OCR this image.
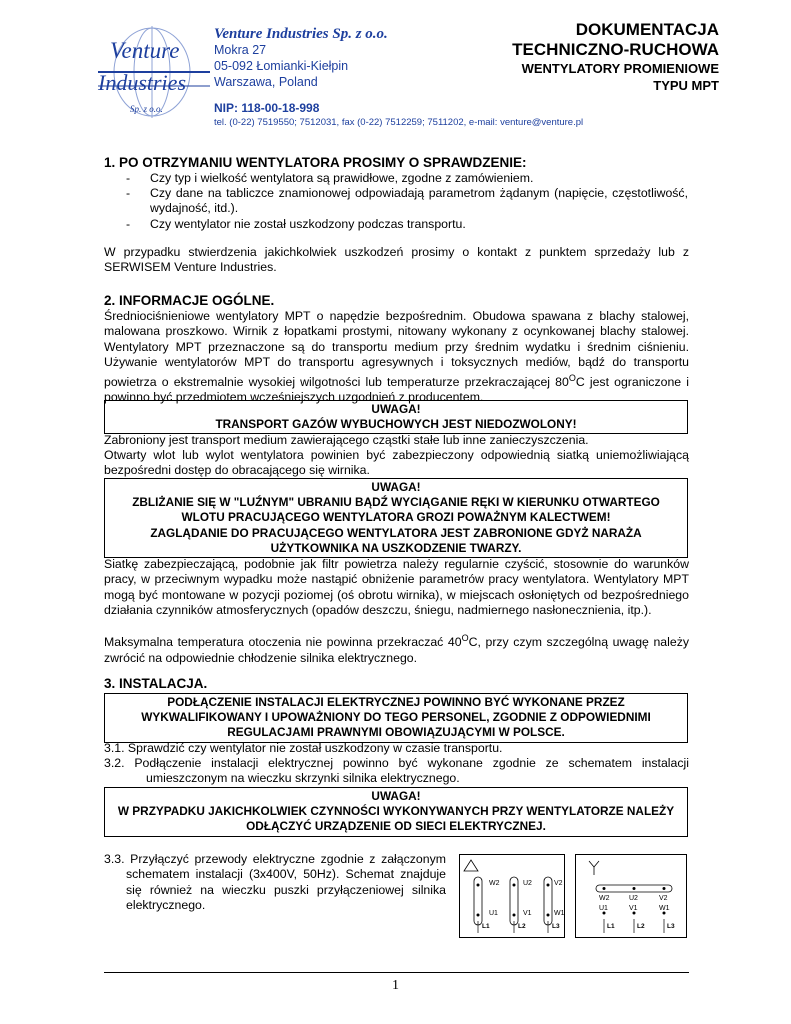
Venture
Industries
Sp. z o.o.
Venture Industries Sp. z o.o.
Mokra 27
05-092 Łomianki-Kiełpin
Warszawa, Poland
NIP: 118-00-18-998
tel. (0-22) 7519550; 7512031, fax (0-22) 7512259; 7511202, e-mail: venture@venture.pl
DOKUMENTACJA
TECHNICZNO-RUCHOWA
WENTYLATORY PROMIENIOWE
TYPU MPT
1. PO OTRZYMANIU WENTYLATORA PROSIMY O SPRAWDZENIE:
- Czy typ i wielkość wentylatora są prawidłowe, zgodne z zamówieniem.
- Czy dane na tabliczce znamionowej odpowiadają parametrom żądanym (napięcie, częstotliwość, wydajność, itd.).
- Czy wentylator nie został uszkodzony podczas transportu.
W przypadku stwierdzenia jakichkolwiek uszkodzeń prosimy o kontakt z punktem sprzedaży lub z SERWISEM Venture Industries.
2. INFORMACJE OGÓLNE.
Średniociśnieniowe wentylatory MPT o napędzie bezpośrednim. Obudowa spawana z blachy stalowej, malowana proszkowo. Wirnik z łopatkami prostymi, nitowany wykonany z ocynkowanej blachy stalowej. Wentylatory MPT przeznaczone są do transportu medium przy średnim wydatku i średnim ciśnieniu. Używanie wentylatorów MPT do transportu agresywnych i toksycznych mediów, bądź do transportu powietrza o ekstremalnie wysokiej wilgotności lub temperaturze przekraczającej $80^OC$ jest ograniczone i powinno być przedmiotem wcześniejszych uzgodnień z producentem.
UWAGA!
TRANSPORT GAZÓW WYBUCHOWYCH JEST NIEDOZWOLONY!
Zabroniony jest transport medium zawierającego cząstki stałe lub inne zanieczyszczenia.
Otwarty wlot lub wylot wentylatora powinien być zabezpieczony odpowiednią siatką uniemożliwiającą bezpośredni dostęp do obracającego się wirnika.
UWAGA!
ZBLIŻANIE SIĘ W "LUŹNYM" UBRANIU BĄDŹ WYCIĄGANIE RĘKI W KIERUNKU OTWARTEGO WLOTU PRACUJĄCEGO WENTYLATORA GROZI POWAŻNYM KALECTWEM!
ZAGLĄDANIE DO PRACUJĄCEGO WENTYLATORA JEST ZABRONIONE GDYŻ NARAŻA UŻYTKOWNIKA NA USZKODZENIE TWARZY.
Siatkę zabezpieczającą, podobnie jak filtr powietrza należy regularnie czyścić, stosownie do warunków pracy, w przeciwnym wypadku może nastąpić obniżenie parametrów pracy wentylatora. Wentylatory MPT mogą być montowane w pozycji poziomej (oś obrotu wirnika), w miejscach osłoniętych od bezpośredniego działania czynników atmosferycznych (opadów deszczu, śniegu, nadmiernego nasłonecznienia, itp.).
Maksymalna temperatura otoczenia nie powinna przekraczać $40^OC$, przy czym szczególną uwagę należy zwrócić na odpowiednie chłodzenie silnika elektrycznego.
3. INSTALACJA.
PODŁĄCZENIE INSTALACJI ELEKTRYCZNEJ POWINNO BYĆ WYKONANE PRZEZ WYKWALIFIKOWANY I UPOWAŻNIONY DO TEGO PERSONEL, ZGODNIE Z ODPOWIEDNIMI REGULACJAMI PRAWNYMI OBOWIĄZUJĄCYMI W POLSCE.
3.1. Sprawdzić czy wentylator nie został uszkodzony w czasie transportu.
3.2. Podłączenie instalacji elektrycznej powinno być wykonane zgodnie ze schematem instalacji umieszczonym na wieczku skrzynki silnika elektrycznego.
UWAGA!
W PRZYPADKU JAKICHKOLWIEK CZYNNOŚCI WYKONYWANYCH PRZY WENTYLATORZE NALEŻY ODŁĄCZYĆ URZĄDZENIE OD SIECI ELEKTRYCZNEJ.
3.3. Przyłączyć przewody elektryczne zgodnie z załączonym schematem instalacji (3x400V, 50Hz). Schemat znajduje się również na wieczku puszki przyłączeniowej silnika elektrycznego.
W2	U2	V2
U1	V1	W1
L1	L2	L3
W2	U2	V2
U1	V1	W1
L1	L2	L3
1
